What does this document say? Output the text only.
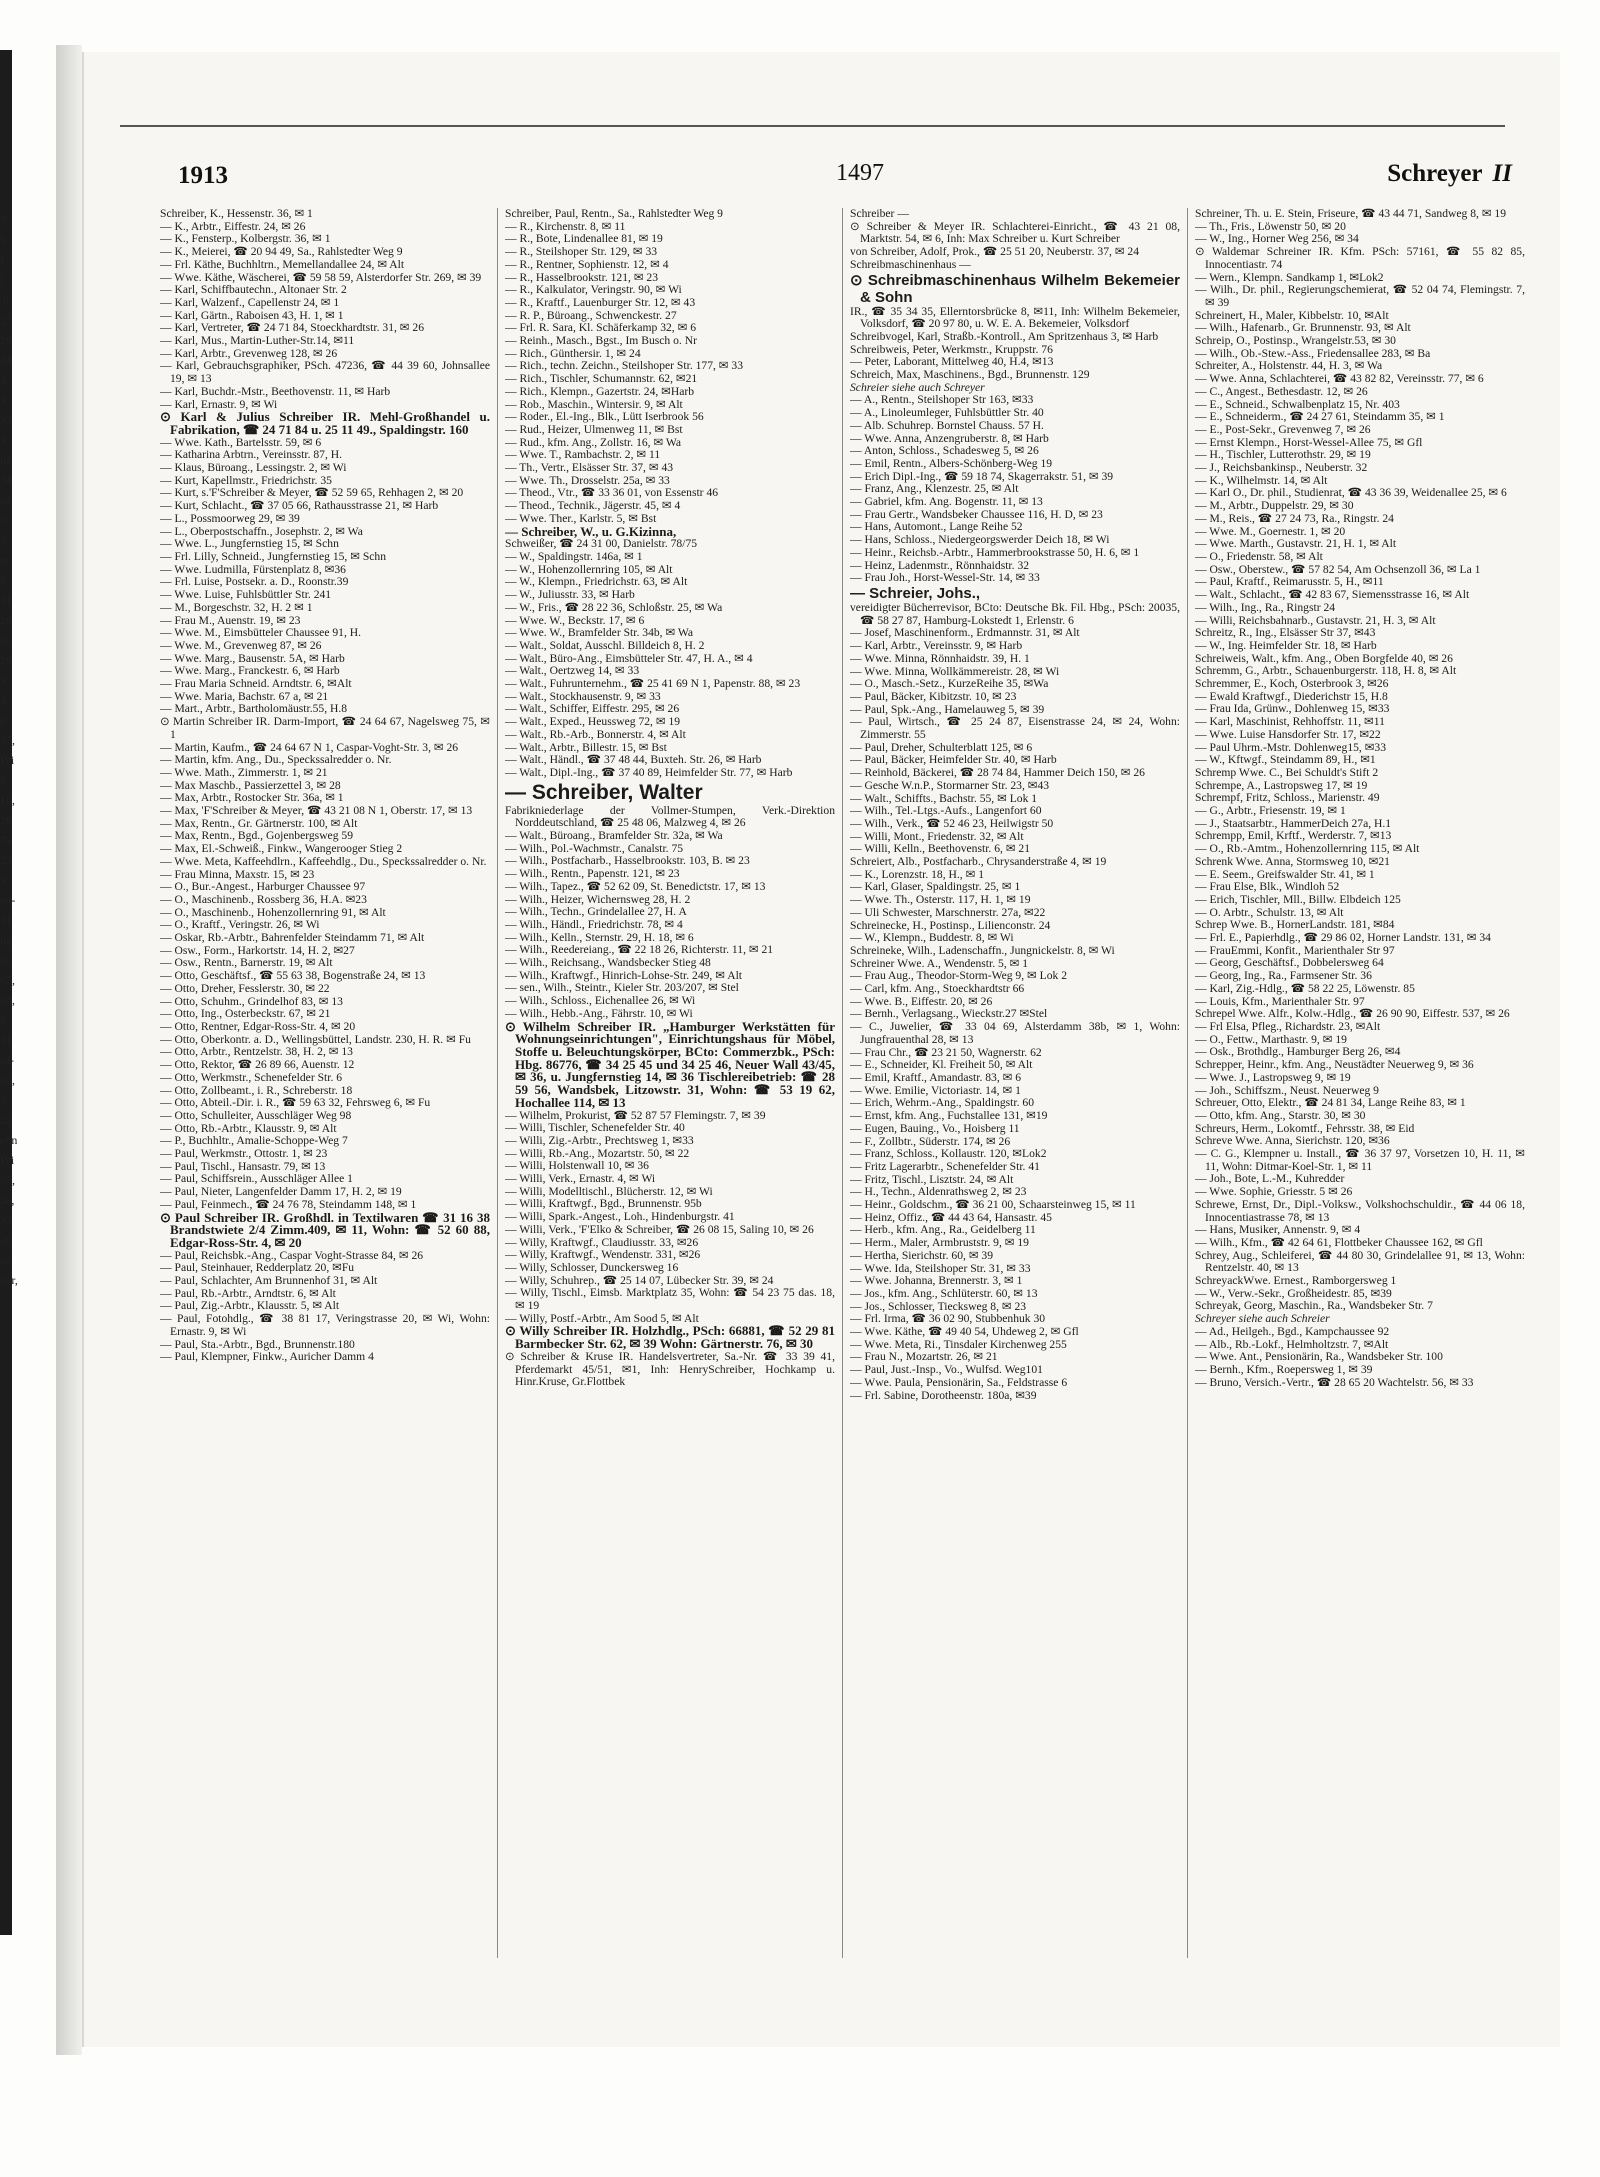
=
7
5
I
l
3i
27
20
24
4
1
33
1
ilt
34
ılt
lt
3
er
9
11
28
is-
20
9
4
p-
35,
Wi
6
10,
26
7a
23
9
en-
11
ng
ie,
65,
68,
5
11
rd-
69,
3
22
ehn
Wi
98,
5a,
33
20
lo
ber,
1913	1497	Schreyer II
Schreiber, K., Hessenstr. 36, ✉ 1
— K., Arbtr., Eiffestr. 24, ✉ 26
— K., Fensterp., Kolbergstr. 36, ✉ 1
— K., Meierei, ☎ 20 94 49, Sa., Rahlstedter Weg 9
— Frl. Käthe, Buchhltrn., Memellandallee 24, ✉ Alt
— Wwe. Käthe, Wäscherei, ☎ 59 58 59, Alsterdorfer Str. 269, ✉ 39
— Karl, Schiffbautechn., Altonaer Str. 2
— Karl, Walzenf., Capellenstr 24, ✉ 1
— Karl, Gärtn., Raboisen 43, H. 1, ✉ 1
— Karl, Vertreter, ☎ 24 71 84, Stoeckhardtstr. 31, ✉ 26
— Karl, Mus., Martin-Luther-Str.14, ✉11
— Karl, Arbtr., Grevenweg 128, ✉ 26
— Karl, Gebrauchsgraphiker, PSch. 47236, ☎ 44 39 60, Johnsallee 19, ✉ 13
— Karl, Buchdr.-Mstr., Beethovenstr. 11, ✉ Harb
— Karl, Ernastr. 9, ✉ Wi
⊙ Karl & Julius Schreiber IR. Mehl-Großhandel u. Fabrikation, ☎ 24 71 84 u. 25 11 49., Spaldingstr. 160
— Wwe. Kath., Bartelsstr. 59, ✉ 6
— Katharina Arbtrn., Vereinsstr. 87, H.
— Klaus, Büroang., Lessingstr. 2, ✉ Wi
— Kurt, Kapellmstr., Friedrichstr. 35
— Kurt, s.'F'Schreiber & Meyer, ☎ 52 59 65, Rehhagen 2, ✉ 20
— Kurt, Schlacht., ☎ 37 05 66, Rathausstrasse 21, ✉ Harb
— L., Possmoorweg 29, ✉ 39
— L., Oberpostschaffn., Josephstr. 2, ✉ Wa
— Wwe. L., Jungfernstieg 15, ✉ Schn
— Frl. Lilly, Schneid., Jungfernstieg 15, ✉ Schn
— Wwe. Ludmilla, Fürstenplatz 8, ✉36
— Frl. Luise, Postsekr. a. D., Roonstr.39
— Wwe. Luise, Fuhlsbüttler Str. 241
— M., Borgeschstr. 32, H. 2 ✉ 1
— Frau M., Auenstr. 19, ✉ 23
— Wwe. M., Eimsbütteler Chaussee 91, H.
— Wwe. M., Grevenweg 87, ✉ 26
— Wwe. Marg., Bausenstr. 5A, ✉ Harb
— Wwe. Marg., Franckestr. 6, ✉ Harb
— Frau Maria Schneid. Arndtstr. 6, ✉Alt
— Wwe. Maria, Bachstr. 67 a, ✉ 21
— Mart., Arbtr., Bartholomäustr.55, H.8
⊙ Martin Schreiber IR. Darm-Import, ☎ 24 64 67, Nagelsweg 75, ✉ 1
— Martin, Kaufm., ☎ 24 64 67 N 1, Caspar-Voght-Str. 3, ✉ 26
— Martin, kfm. Ang., Du., Speckssalredder o. Nr.
— Wwe. Math., Zimmerstr. 1, ✉ 21
— Max Maschb., Passierzettel 3, ✉ 28
— Max, Arbtr., Rostocker Str. 36a, ✉ 1
— Max, 'F'Schreiber & Meyer, ☎ 43 21 08 N 1, Oberstr. 17, ✉ 13
— Max, Rentn., Gr. Gärtnerstr. 100, ✉ Alt
— Max, Rentn., Bgd., Gojenbergsweg 59
— Max, El.-Schweiß., Finkw., Wangerooger Stieg 2
— Wwe. Meta, Kaffeehdlrn., Kaffeehdlg., Du., Speckssalredder o. Nr.
— Frau Minna, Maxstr. 15, ✉ 23
— O., Bur.-Angest., Harburger Chaussee 97
— O., Maschinenb., Rossberg 36, H.A. ✉23
— O., Maschinenb., Hohenzollernring 91, ✉ Alt
— O., Kraftf., Veringstr. 26, ✉ Wi
— Oskar, Rb.-Arbtr., Bahrenfelder Steindamm 71, ✉ Alt
— Osw., Form., Harkortstr. 14, H. 2, ✉27
— Osw., Rentn., Barnerstr. 19, ✉ Alt
— Otto, Geschäftsf., ☎ 55 63 38, Bogenstraße 24, ✉ 13
— Otto, Dreher, Fesslerstr. 30, ✉ 22
— Otto, Schuhm., Grindelhof 83, ✉ 13
— Otto, Ing., Osterbeckstr. 67, ✉ 21
— Otto, Rentner, Edgar-Ross-Str. 4, ✉ 20
— Otto, Oberkontr. a. D., Wellingsbüttel, Landstr. 230, H. R. ✉ Fu
— Otto, Arbtr., Rentzelstr. 38, H. 2, ✉ 13
— Otto, Rektor, ☎ 26 89 66, Auenstr. 12
— Otto, Werkmstr., Schenefelder Str. 6
— Otto, Zollbeamt., i. R., Schreberstr. 18
— Otto, Abteil.-Dir. i. R., ☎ 59 63 32, Fehrsweg 6, ✉ Fu
— Otto, Schulleiter, Ausschläger Weg 98
— Otto, Rb.-Arbtr., Klausstr. 9, ✉ Alt
— P., Buchhltr., Amalie-Schoppe-Weg 7
— Paul, Werkmstr., Ottostr. 1, ✉ 23
— Paul, Tischl., Hansastr. 79, ✉ 13
— Paul, Schiffsrein., Ausschläger Allee 1
— Paul, Nieter, Langenfelder Damm 17, H. 2, ✉ 19
— Paul, Feinmech., ☎ 24 76 78, Steindamm 148, ✉ 1
⊙ Paul Schreiber IR. Großhdl. in Textilwaren ☎ 31 16 38 Brandstwiete 2/4 Zimm.409, ✉ 11, Wohn: ☎ 52 60 88, Edgar-Ross-Str. 4, ✉ 20
— Paul, Reichsbk.-Ang., Caspar Voght-Strasse 84, ✉ 26
— Paul, Steinhauer, Redderplatz 20, ✉Fu
— Paul, Schlachter, Am Brunnenhof 31, ✉ Alt
— Paul, Rb.-Arbtr., Arndtstr. 6, ✉ Alt
— Paul, Zig.-Arbtr., Klausstr. 5, ✉ Alt
— Paul, Fotohdlg., ☎ 38 81 17, Veringstrasse 20, ✉ Wi, Wohn: Ernastr. 9, ✉ Wi
— Paul, Sta.-Arbtr., Bgd., Brunnenstr.180
— Paul, Klempner, Finkw., Auricher Damm 4
Schreiber, Paul, Rentn., Sa., Rahlstedter Weg 9
— R., Kirchenstr. 8, ✉ 11
— R., Bote, Lindenallee 81, ✉ 19
— R., Steilshoper Str. 129, ✉ 33
— R., Rentner, Sophienstr. 12, ✉ 4
— R., Hasselbrookstr. 121, ✉ 23
— R., Kalkulator, Veringstr. 90, ✉ Wi
— R., Kraftf., Lauenburger Str. 12, ✉ 43
— R. P., Büroang., Schwenckestr. 27
— Frl. R. Sara, Kl. Schäferkamp 32, ✉ 6
— Reinh., Masch., Bgst., Im Busch o. Nr
— Rich., Günthersir. 1, ✉ 24
— Rich., techn. Zeichn., Steilshoper Str. 177, ✉ 33
— Rich., Tischler, Schumannstr. 62, ✉21
— Rich., Klempn., Gazertstr. 24, ✉Harb
— Rob., Maschin., Wintersir. 9, ✉ Alt
— Roder., El.-Ing., Blk., Lütt Iserbrook 56
— Rud., Heizer, Ulmenweg 11, ✉ Bst
— Rud., kfm. Ang., Zollstr. 16, ✉ Wa
— Wwe. T., Rambachstr. 2, ✉ 11
— Th., Vertr., Elsässer Str. 37, ✉ 43
— Wwe. Th., Drosselstr. 25a, ✉ 33
— Theod., Vtr., ☎ 33 36 01, von Essenstr 46
— Theod., Technik., Jägerstr. 45, ✉ 4
— Wwe. Ther., Karlstr. 5, ✉ Bst
— Schreiber, W., u. G.Kizinna,
Schweißer, ☎ 24 31 00, Danielstr. 78/75
— W., Spaldingstr. 146a, ✉ 1
— W., Hohenzollernring 105, ✉ Alt
— W., Klempn., Friedrichstr. 63, ✉ Alt
— W., Juliusstr. 33, ✉ Harb
— W., Fris., ☎ 28 22 36, Schloßstr. 25, ✉ Wa
— Wwe. W., Beckstr. 17, ✉ 6
— Wwe. W., Bramfelder Str. 34b, ✉ Wa
— Walt., Soldat, Ausschl. Billdeich 8, H. 2
— Walt., Büro-Ang., Eimsbütteler Str. 47, H. A., ✉ 4
— Walt., Oertzweg 14, ✉ 33
— Walt., Fuhrunternehm., ☎ 25 41 69 N 1, Papenstr. 88, ✉ 23
— Walt., Stockhausenstr. 9, ✉ 33
— Walt., Schiffer, Eiffestr. 295, ✉ 26
— Walt., Exped., Heussweg 72, ✉ 19
— Walt., Rb.-Arb., Bonnerstr. 4, ✉ Alt
— Walt., Arbtr., Billestr. 15, ✉ Bst
— Walt., Händl., ☎ 37 48 44, Buxteh. Str. 26, ✉ Harb
— Walt., Dipl.-Ing., ☎ 37 40 89, Heimfelder Str. 77, ✉ Harb
— Schreiber, Walter
Fabrikniederlage der Vollmer-Stumpen, Verk.-Direktion Norddeutschland, ☎ 25 48 06, Malzweg 4, ✉ 26
— Walt., Büroang., Bramfelder Str. 32a, ✉ Wa
— Wilh., Pol.-Wachmstr., Canalstr. 75
— Wilh., Postfacharb., Hasselbrookstr. 103, B. ✉ 23
— Wilh., Rentn., Papenstr. 121, ✉ 23
— Wilh., Tapez., ☎ 52 62 09, St. Benedictstr. 17, ✉ 13
— Wilh., Heizer, Wichernsweg 28, H. 2
— Wilh., Techn., Grindelallee 27, H. A
— Wilh., Händl., Friedrichstr. 78, ✉ 4
— Wilh., Kelln., Sternstr. 29, H. 18, ✉ 6
— Wilh., Reedereiang., ☎ 22 18 26, Richterstr. 11, ✉ 21
— Wilh., Reichsang., Wandsbecker Stieg 48
— Wilh., Kraftwgf., Hinrich-Lohse-Str. 249, ✉ Alt
— sen., Wilh., Steintr., Kieler Str. 203/207, ✉ Stel
— Wilh., Schloss., Eichenallee 26, ✉ Wi
— Wilh., Hebb.-Ang., Fährstr. 10, ✉ Wi
⊙ Wilhelm Schreiber IR. „Hamburger Werkstätten für Wohnungseinrichtungen", Einrichtungshaus für Möbel, Stoffe u. Beleuchtungskörper, BCto: Commerzbk., PSch: Hbg. 86776, ☎ 34 25 45 und 34 25 46, Neuer Wall 43/45, ✉ 36, u. Jungfernstieg 14, ✉ 36 Tischlereibetrieb: ☎ 28 59 56, Wandsbek, Litzowstr. 31, Wohn: ☎ 53 19 62, Hochallee 114, ✉ 13
— Wilhelm, Prokurist, ☎ 52 87 57 Flemingstr. 7, ✉ 39
— Willi, Tischler, Schenefelder Str. 40
— Willi, Zig.-Arbtr., Prechtsweg 1, ✉33
— Willi, Rb.-Ang., Mozartstr. 50, ✉ 22
— Willi, Holstenwall 10, ✉ 36
— Willi, Verk., Ernastr. 4, ✉ Wi
— Willi, Modelltischl., Blücherstr. 12, ✉ Wi
— Willi, Kraftwgf., Bgd., Brunnenstr. 95b
— Willi, Spark.-Angest., Loh., Hindenburgstr. 41
— Willi, Verk., 'F'Elko & Schreiber, ☎ 26 08 15, Saling 10, ✉ 26
— Willy, Kraftwgf., Claudiusstr. 33, ✉26
— Willy, Kraftwgf., Wendenstr. 331, ✉26
— Willy, Schlosser, Dunckersweg 16
— Willy, Schuhrep., ☎ 25 14 07, Lübecker Str. 39, ✉ 24
— Willy, Tischl., Eimsb. Marktplatz 35, Wohn: ☎ 54 23 75 das. 18, ✉ 19
— Willy, Postf.-Arbtr., Am Sood 5, ✉ Alt
⊙ Willy Schreiber IR. Holzhdlg., PSch: 66881, ☎ 52 29 81 Barmbecker Str. 62, ✉ 39 Wohn: Gärtnerstr. 76, ✉ 30
⊙ Schreiber & Kruse IR. Handelsvertreter, Sa.-Nr. ☎ 33 39 41, Pferdemarkt 45/51, ✉1, Inh: HenrySchreiber, Hochkamp u. Hinr.Kruse, Gr.Flottbek
Schreiber —
⊙ Schreiber & Meyer IR. Schlachterei-Einricht., ☎ 43 21 08, Marktstr. 54, ✉ 6, Inh: Max Schreiber u. Kurt Schreiber
von Schreiber, Adolf, Prok., ☎ 25 51 20, Neuberstr. 37, ✉ 24
Schreibmaschinenhaus —
⊙ Schreibmaschinenhaus Wilhelm Bekemeier & Sohn
IR., ☎ 35 34 35, Ellerntorsbrücke 8, ✉11, Inh: Wilhelm Bekemeier, Volksdorf, ☎ 20 97 80, u. W. E. A. Bekemeier, Volksdorf
Schreibvogel, Karl, Straßb.-Kontroll., Am Spritzenhaus 3, ✉ Harb
Schreibweis, Peter, Werkmstr., Kruppstr. 76
— Peter, Laborant, Mittelweg 40, H.4, ✉13
Schreich, Max, Maschinens., Bgd., Brunnenstr. 129
Schreier siehe auch Schreyer
— A., Rentn., Steilshoper Str 163, ✉33
— A., Linoleumleger, Fuhlsbüttler Str. 40
— Alb. Schuhrep. Bornstel Chauss. 57 H.
— Wwe. Anna, Anzengruberstr. 8, ✉ Harb
— Anton, Schloss., Schadesweg 5, ✉ 26
— Emil, Rentn., Albers-Schönberg-Weg 19
— Erich Dipl.-Ing., ☎ 59 18 74, Skagerrakstr. 51, ✉ 39
— Franz, Ang., Klenzestr. 25, ✉ Alt
— Gabriel, kfm. Ang. Bogenstr. 11, ✉ 13
— Frau Gertr., Wandsbeker Chaussee 116, H. D, ✉ 23
— Hans, Automont., Lange Reihe 52
— Hans, Schloss., Niedergeorgswerder Deich 18, ✉ Wi
— Heinr., Reichsb.-Arbtr., Hammerbrookstrasse 50, H. 6, ✉ 1
— Heinz, Ladenmstr., Rönnhaidstr. 32
— Frau Joh., Horst-Wessel-Str. 14, ✉ 33
— Schreier, Johs.,
vereidigter Bücherrevisor, BCto: Deutsche Bk. Fil. Hbg., PSch: 20035, ☎ 58 27 87, Hamburg-Lokstedt 1, Erlenstr. 6
— Josef, Maschinenform., Erdmannstr. 31, ✉ Alt
— Karl, Arbtr., Vereinsstr. 9, ✉ Harb
— Wwe. Minna, Rönnhaidstr. 39, H. 1
— Wwe. Minna, Wollkämmereistr. 28, ✉ Wi
— O., Masch.-Setz., KurzeReihe 35, ✉Wa
— Paul, Bäcker, Kibitzstr. 10, ✉ 23
— Paul, Spk.-Ang., Hamelauweg 5, ✉ 39
— Paul, Wirtsch., ☎ 25 24 87, Eisenstrasse 24, ✉ 24, Wohn: Zimmerstr. 55
— Paul, Dreher, Schulterblatt 125, ✉ 6
— Paul, Bäcker, Heimfelder Str. 40, ✉ Harb
— Reinhold, Bäckerei, ☎ 28 74 84, Hammer Deich 150, ✉ 26
— Gesche W.n.P., Stormarner Str. 23, ✉43
— Walt., Schiffts., Bachstr. 55, ✉ Lok 1
— Wilh., Tel.-Ltgs.-Aufs., Langenfort 60
— Wilh., Verk., ☎ 52 46 23, Heilwigstr 50
— Willi, Mont., Friedenstr. 32, ✉ Alt
— Willi, Kelln., Beethovenstr. 6, ✉ 21
Schreiert, Alb., Postfacharb., Chrysanderstraße 4, ✉ 19
— K., Lorenzstr. 18, H., ✉ 1
— Karl, Glaser, Spaldingstr. 25, ✉ 1
— Wwe. Th., Osterstr. 117, H. 1, ✉ 19
— Uli Schwester, Marschnerstr. 27a, ✉22
Schreinecke, H., Postinsp., Lilienconstr. 24
— W., Klempn., Buddestr. 8, ✉ Wi
Schreineke, Wilh., Ladenschaffn., Jungnickelstr. 8, ✉ Wi
Schreiner Wwe. A., Wendenstr. 5, ✉ 1
— Frau Aug., Theodor-Storm-Weg 9, ✉ Lok 2
— Carl, kfm. Ang., Stoeckhardtstr 66
— Wwe. B., Eiffestr. 20, ✉ 26
— Bernh., Verlagsang., Wieckstr.27 ✉Stel
— C., Juwelier, ☎ 33 04 69, Alsterdamm 38b, ✉ 1, Wohn: Jungfrauenthal 28, ✉ 13
— Frau Chr., ☎ 23 21 50, Wagnerstr. 62
— E., Schneider, Kl. Freiheit 50, ✉ Alt
— Emil, Kraftf., Amandastr. 83, ✉ 6
— Wwe. Emilie, Victoriastr. 14, ✉ 1
— Erich, Wehrm.-Ang., Spaldingstr. 60
— Ernst, kfm. Ang., Fuchstallee 131, ✉19
— Eugen, Bauing., Vo., Hoisberg 11
— F., Zollbtr., Süderstr. 174, ✉ 26
— Franz, Schloss., Kollaustr. 120, ✉Lok2
— Fritz Lagerarbtr., Schenefelder Str. 41
— Fritz, Tischl., Lisztstr. 24, ✉ Alt
— H., Techn., Aldenrathsweg 2, ✉ 23
— Heinr., Goldschm., ☎ 36 21 00, Schaarsteinweg 15, ✉ 11
— Heinz, Offiz., ☎ 44 43 64, Hansastr. 45
— Herb., kfm. Ang., Ra., Geidelberg 11
— Herm., Maler, Armbruststr. 9, ✉ 19
— Hertha, Sierichstr. 60, ✉ 39
— Wwe. Ida, Steilshoper Str. 31, ✉ 33
— Wwe. Johanna, Brennerstr. 3, ✉ 1
— Jos., kfm. Ang., Schlüterstr. 60, ✉ 13
— Jos., Schlosser, Tiecksweg 8, ✉ 23
— Frl. Irma, ☎ 36 02 90, Stubbenhuk 30
— Wwe. Käthe, ☎ 49 40 54, Uhdeweg 2, ✉ Gfl
— Wwe. Meta, Ri., Tinsdaler Kirchenweg 255
— Frau N., Mozartstr. 26, ✉ 21
— Paul, Just.-Insp., Vo., Wulfsd. Weg101
— Wwe. Paula, Pensionärin, Sa., Feldstrasse 6
— Frl. Sabine, Dorotheenstr. 180a, ✉39
Schreiner, Th. u. E. Stein, Friseure, ☎ 43 44 71, Sandweg 8, ✉ 19
— Th., Fris., Löwenstr 50, ✉ 20
— W., Ing., Horner Weg 256, ✉ 34
⊙ Waldemar Schreiner IR. Kfm. PSch: 57161, ☎ 55 82 85, Innocentiastr. 74
— Wern., Klempn. Sandkamp 1, ✉Lok2
— Wilh., Dr. phil., Regierungschemierat, ☎ 52 04 74, Flemingstr. 7, ✉ 39
Schreinert, H., Maler, Kibbelstr. 10, ✉Alt
— Wilh., Hafenarb., Gr. Brunnenstr. 93, ✉ Alt
Schreip, O., Postinsp., Wrangelstr.53, ✉ 30
— Wilh., Ob.-Stew.-Ass., Friedensallee 283, ✉ Ba
Schreiter, A., Holstenstr. 44, H. 3, ✉ Wa
— Wwe. Anna, Schlachterei, ☎ 43 82 82, Vereinsstr. 77, ✉ 6
— C., Angest., Bethesdastr. 12, ✉ 26
— E., Schneid., Schwalbenplatz 15, Nr. 403
— E., Schneiderm., ☎ 24 27 61, Steindamm 35, ✉ 1
— E., Post-Sekr., Grevenweg 7, ✉ 26
— Ernst Klempn., Horst-Wessel-Allee 75, ✉ Gfl
— H., Tischler, Lutterothstr. 29, ✉ 19
— J., Reichsbankinsp., Neuberstr. 32
— K., Wilhelmstr. 14, ✉ Alt
— Karl O., Dr. phil., Studienrat, ☎ 43 36 39, Weidenallee 25, ✉ 6
— M., Arbtr., Duppelstr. 29, ✉ 30
— M., Reis., ☎ 27 24 73, Ra., Ringstr. 24
— Wwe. M., Goernestr. 1, ✉ 20
— Wwe. Marth., Gustavstr. 21, H. 1, ✉ Alt
— O., Friedenstr. 58, ✉ Alt
— Osw., Oberstew., ☎ 57 82 54, Am Ochsenzoll 36, ✉ La 1
— Paul, Kraftf., Reimarusstr. 5, H., ✉11
— Walt., Schlacht., ☎ 42 83 67, Siemensstrasse 16, ✉ Alt
— Wilh., Ing., Ra., Ringstr 24
— Willi, Reichsbahnarb., Gustavstr. 21, H. 3, ✉ Alt
Schreitz, R., Ing., Elsässer Str 37, ✉43
— W., Ing. Heimfelder Str. 18, ✉ Harb
Schreiweis, Walt., kfm. Ang., Oben Borgfelde 40, ✉ 26
Schremm, G., Arbtr., Schauenburgerstr. 118, H. 8, ✉ Alt
Schremmer, E., Koch, Osterbrook 3, ✉26
— Ewald Kraftwgf., Diederichstr 15, H.8
— Frau Ida, Grünw., Dohlenweg 15, ✉33
— Karl, Maschinist, Rehhoffstr. 11, ✉11
— Wwe. Luise Hansdorfer Str. 17, ✉22
— Paul Uhrm.-Mstr. Dohlenweg15, ✉33
— W., Kftwgf., Steindamm 89, H., ✉1
Schremp Wwe. C., Bei Schuldt's Stift 2
Schrempe, A., Lastropsweg 17, ✉ 19
Schrempf, Fritz, Schloss., Marienstr. 49
— G., Arbtr., Friesenstr. 19, ✉ 1
— J., Staatsarbtr., HammerDeich 27a, H.1
Schrempp, Emil, Krftf., Werderstr. 7, ✉13
— O., Rb.-Amtm., Hohenzollernring 115, ✉ Alt
Schrenk Wwe. Anna, Stormsweg 10, ✉21
— E. Seem., Greifswalder Str. 41, ✉ 1
— Frau Else, Blk., Windloh 52
— Erich, Tischler, Mll., Billw. Elbdeich 125
— O. Arbtr., Schulstr. 13, ✉ Alt
Schrep Wwe. B., HornerLandstr. 181, ✉84
— Frl. E., Papierhdlg., ☎ 29 86 02, Horner Landstr. 131, ✉ 34
— FrauEmmi, Konfit., Marienthaler Str 97
— Georg, Geschäftsf., Dobbelersweg 64
— Georg, Ing., Ra., Farmsener Str. 36
— Karl, Zig.-Hdlg., ☎ 58 22 25, Löwenstr. 85
— Louis, Kfm., Marienthaler Str. 97
Schrepel Wwe. Alfr., Kolw.-Hdlg., ☎ 26 90 90, Eiffestr. 537, ✉ 26
— Frl Elsa, Pfleg., Richardstr. 23, ✉Alt
— O., Fettw., Marthastr. 9, ✉ 19
— Osk., Brothdlg., Hamburger Berg 26, ✉4
Schrepper, Heinr., kfm. Ang., Neustädter Neuerweg 9, ✉ 36
— Wwe. J., Lastropsweg 9, ✉ 19
— Joh., Schiffszm., Neust. Neuerweg 9
Schreuer, Otto, Elektr., ☎ 24 81 34, Lange Reihe 83, ✉ 1
— Otto, kfm. Ang., Starstr. 30, ✉ 30
Schreurs, Herm., Lokomtf., Fehrsstr. 38, ✉ Eid
Schreve Wwe. Anna, Sierichstr. 120, ✉36
— C. G., Klempner u. Install., ☎ 36 37 97, Vorsetzen 10, H. 11, ✉ 11, Wohn: Ditmar-Koel-Str. 1, ✉ 11
— Joh., Bote, L.-M., Kuhredder
— Wwe. Sophie, Griesstr. 5 ✉ 26
Schrewe, Ernst, Dr., Dipl.-Volksw., Volkshochschuldir., ☎ 44 06 18, Innocentiastrasse 78, ✉ 13
— Hans, Musiker, Annenstr. 9, ✉ 4
— Wilh., Kfm., ☎ 42 64 61, Flottbeker Chaussee 162, ✉ Gfl
Schrey, Aug., Schleiferei, ☎ 44 80 30, Grindelallee 91, ✉ 13, Wohn: Rentzelstr. 40, ✉ 13
SchreyackWwe. Ernest., Ramborgersweg 1
— W., Verw.-Sekr., Großheidestr. 85, ✉39
Schreyak, Georg, Maschin., Ra., Wandsbeker Str. 7
Schreyer siehe auch Schreier
— Ad., Heilgeh., Bgd., Kampchaussee 92
— Alb., Rb.-Lokf., Helmholtzstr. 7, ✉Alt
— Wwe. Ant., Pensionärin, Ra., Wandsbeker Str. 100
— Bernh., Kfm., Roepersweg 1, ✉ 39
— Bruno, Versich.-Vertr., ☎ 28 65 20 Wachtelstr. 56, ✉ 33
